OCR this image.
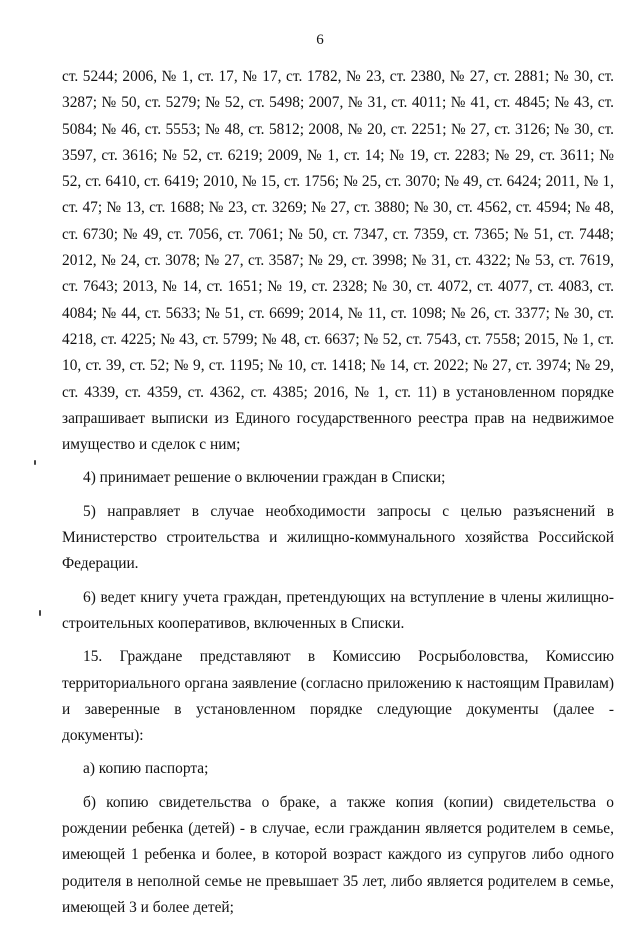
6

ст. 5244; 2006, № 1, ст. 17, № 17, ст. 1782, № 23, ст. 2380, № 27, ст. 2881; № 30, ст. 3287; № 50, ст. 5279; № 52, ст. 5498; 2007, № 31, ст. 4011; № 41, ст. 4845; № 43, ст. 5084; № 46, ст. 5553; № 48, ст. 5812; 2008, № 20, ст. 2251; № 27, ст. 3126; № 30, ст. 3597, ст. 3616; № 52, ст. 6219; 2009, № 1, ст. 14; № 19, ст. 2283; № 29, ст. 3611; № 52, ст. 6410, ст. 6419; 2010, № 15, ст. 1756; № 25, ст. 3070; № 49, ст. 6424; 2011, № 1, ст. 47; № 13, ст. 1688; № 23, ст. 3269; № 27, ст. 3880; № 30, ст. 4562, ст. 4594; № 48, ст. 6730; № 49, ст. 7056, ст. 7061; № 50, ст. 7347, ст. 7359, ст. 7365; № 51, ст. 7448; 2012, № 24, ст. 3078; № 27, ст. 3587; № 29, ст. 3998; № 31, ст. 4322; № 53, ст. 7619, ст. 7643; 2013, № 14, ст. 1651; № 19, ст. 2328; № 30, ст. 4072, ст. 4077, ст. 4083, ст. 4084; № 44, ст. 5633; № 51, ст. 6699; 2014, № 11, ст. 1098; № 26, ст. 3377; № 30, ст. 4218, ст. 4225; № 43, ст. 5799; № 48, ст. 6637; № 52, ст. 7543, ст. 7558; 2015, № 1, ст. 10, ст. 39, ст. 52; № 9, ст. 1195; № 10, ст. 1418; № 14, ст. 2022; № 27, ст. 3974; № 29, ст. 4339, ст. 4359, ст. 4362, ст. 4385; 2016, № 1, ст. 11) в установленном порядке запрашивает выписки из Единого государственного реестра прав на недвижимое имущество и сделок с ним;

4) принимает решение о включении граждан в Списки;

5) направляет в случае необходимости запросы с целью разъяснений в Министерство строительства и жилищно-коммунального хозяйства Российской Федерации.

6) ведет книгу учета граждан, претендующих на вступление в члены жилищно-строительных кооперативов, включенных в Списки.

15. Граждане представляют в Комиссию Росрыболовства, Комиссию территориального органа заявление (согласно приложению к настоящим Правилам) и заверенные в установленном порядке следующие документы (далее - документы):

а) копию паспорта;

б) копию свидетельства о браке, а также копия (копии) свидетельства о рождении ребенка (детей) - в случае, если гражданин является родителем в семье, имеющей 1 ребенка и более, в которой возраст каждого из супругов либо одного родителя в неполной семье не превышает 35 лет, либо является родителем в семье, имеющей 3 и более детей;
